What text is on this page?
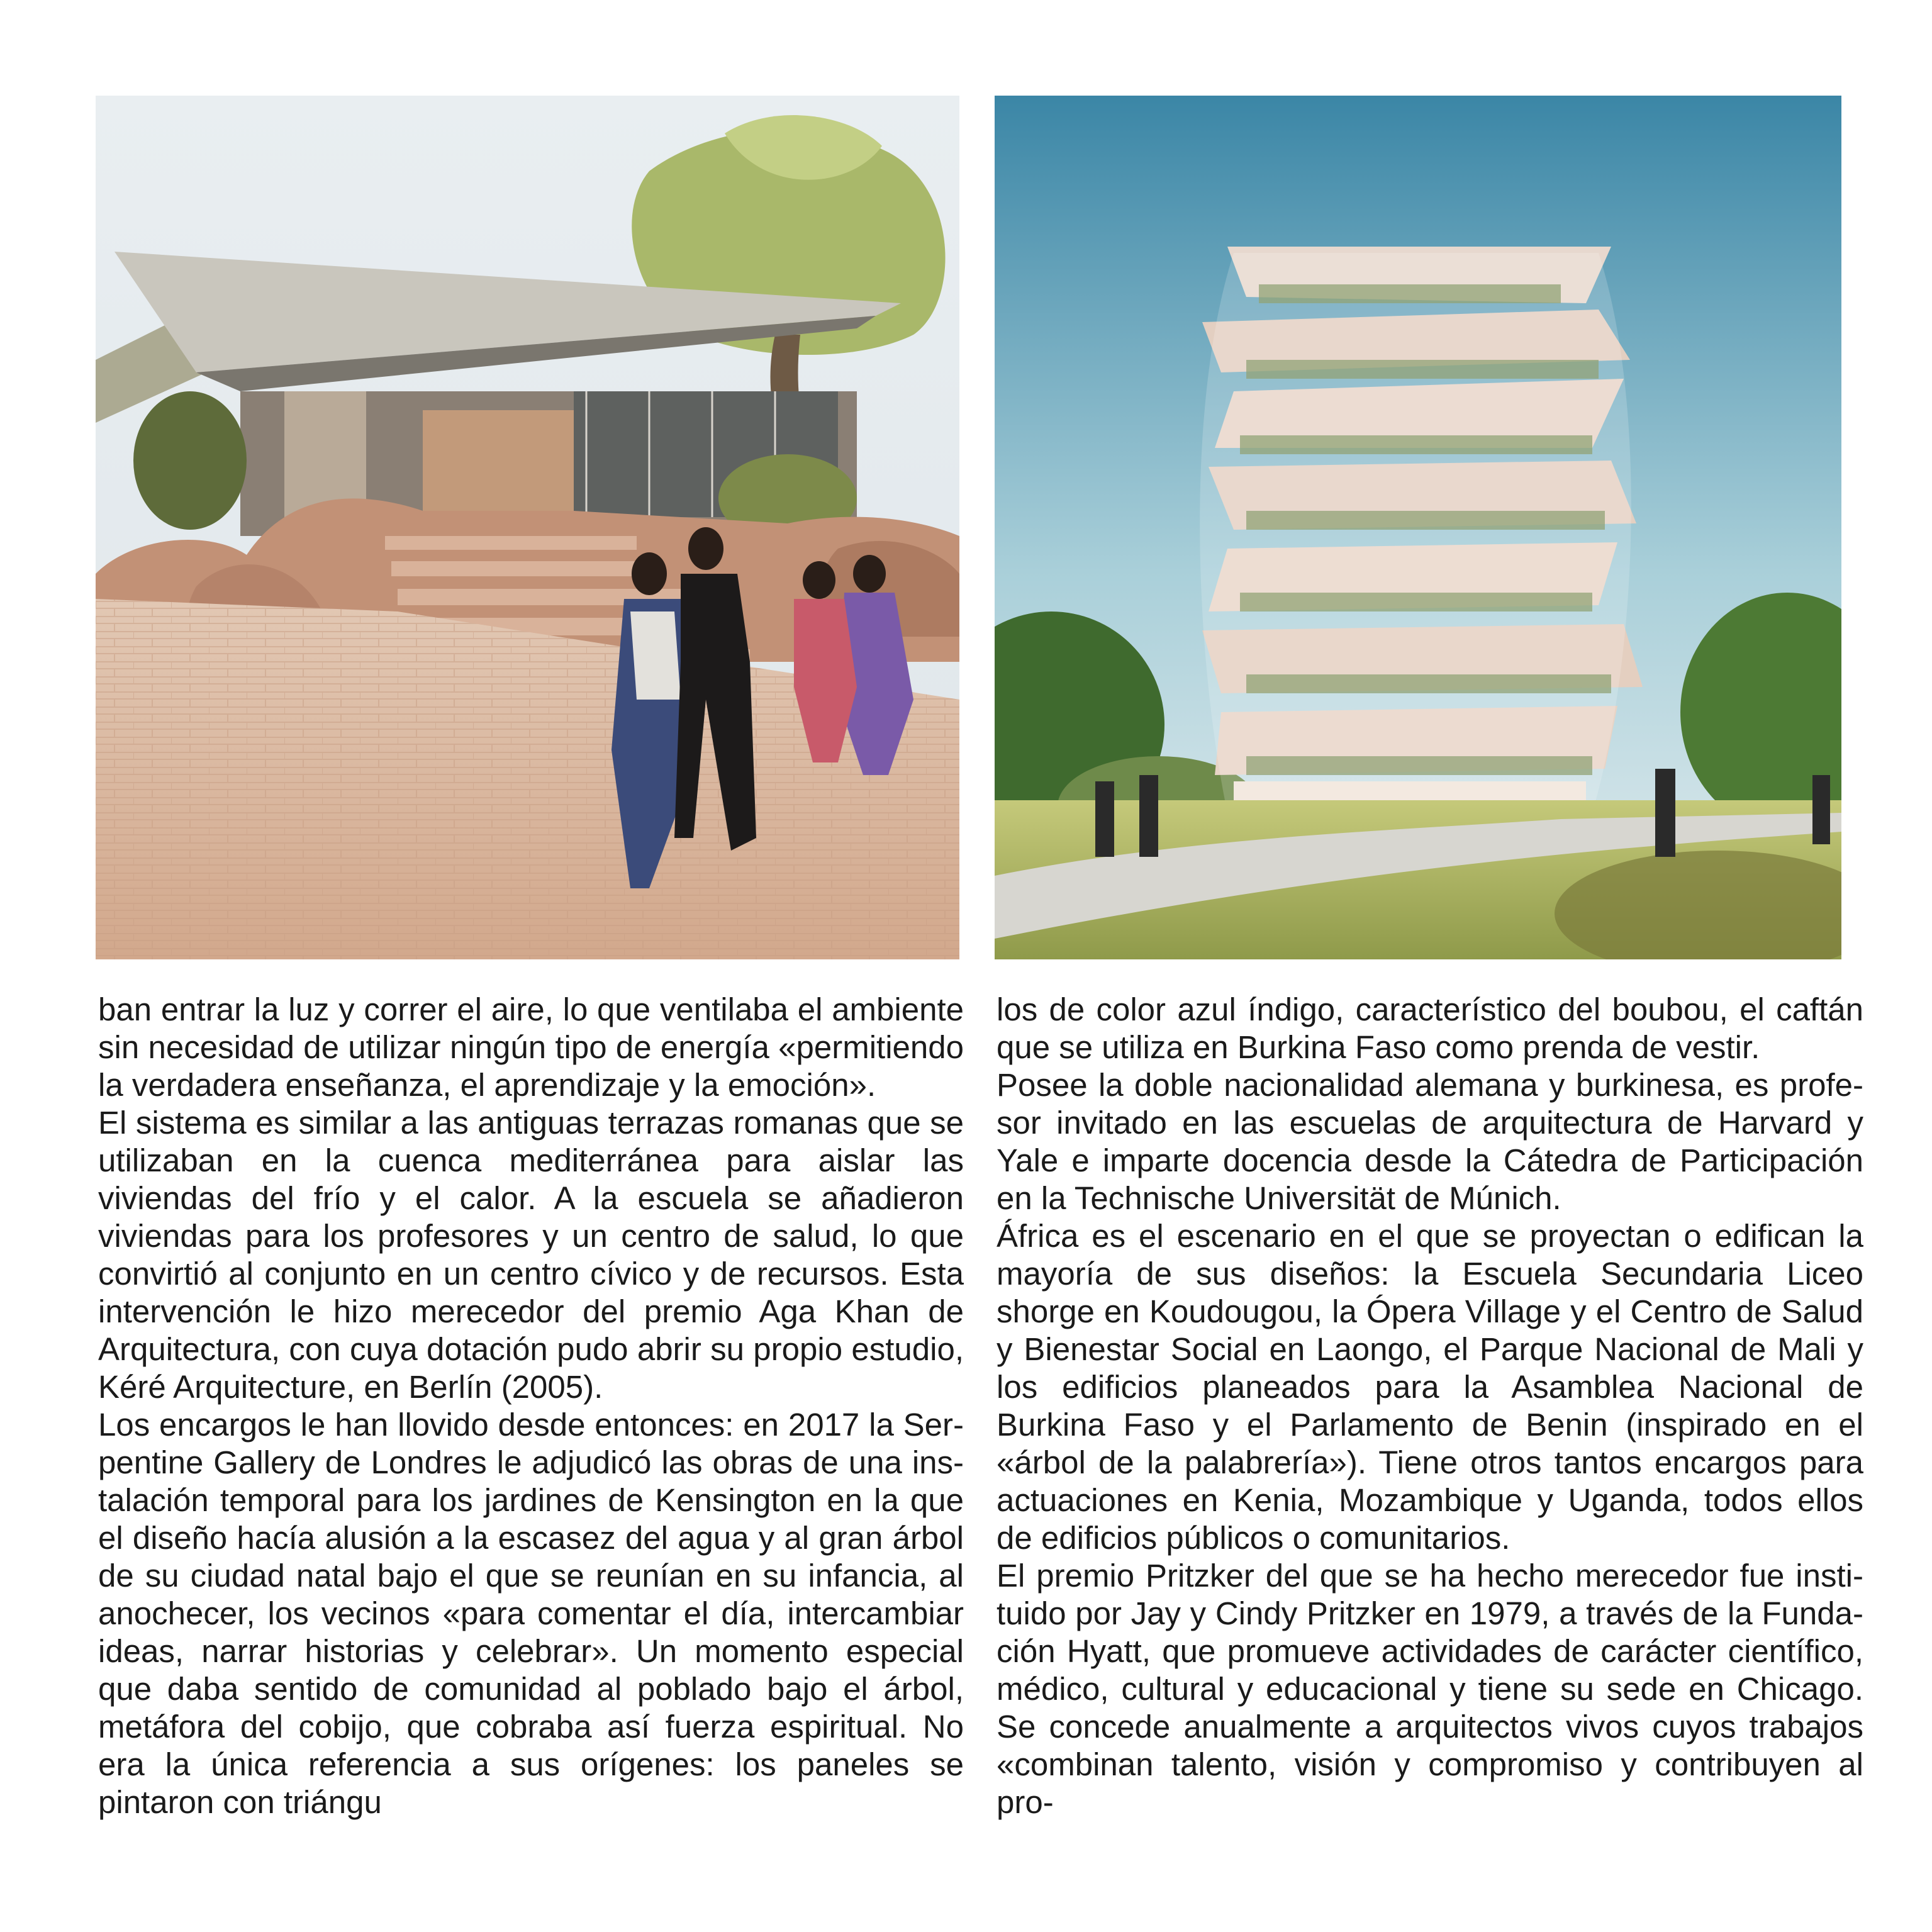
ban entrar la luz y correr el aire, lo que ventilaba el ambiente sin necesidad de utilizar ningún tipo de energía «permitiendo la verdadera enseñanza, el aprendizaje y la emoción».

El sistema es similar a las antiguas terrazas romanas que se utilizaban en la cuenca mediterránea para aislar las viviendas del frío y el calor. A la escuela se añadieron viviendas para los profesores y un centro de salud, lo que convirtió al conjunto en un centro cívico y de recursos. Esta intervención le hizo merecedor del premio Aga Khan de Arquitectura, con cuya dotación pudo abrir su propio estudio, Kéré Arquitecture, en Berlín (2005).

Los encargos le han llovido desde entonces: en 2017 la Serpentine Gallery de Londres le adjudicó las obras de una instalación temporal para los jardines de Kensington en la que el diseño hacía alusión a la escasez del agua y al gran árbol de su ciudad natal bajo el que se reunían en su infancia, al anochecer, los vecinos «para comentar el día, intercambiar ideas, narrar historias y celebrar». Un momento especial que daba sentido de comunidad al poblado bajo el árbol, metáfora del cobijo, que cobraba así fuerza espiritual. No era la única referencia a sus orígenes: los paneles se pintaron con triángu

los de color azul índigo, característico del boubou, el caftán que se utiliza en Burkina Faso como prenda de vestir.

Posee la doble nacionalidad alemana y burkinesa, es profesor invitado en las escuelas de arquitectura de Harvard y Yale e imparte docencia desde la Cátedra de Participación en la Technische Universität de Múnich.

África es el escenario en el que se proyectan o edifican la mayoría de sus diseños: la Escuela Secundaria Liceo shorge en Koudougou, la Ópera Village y el Centro de Salud y Bienestar Social en Laongo, el Parque Nacional de Mali y los edificios planeados para la Asamblea Nacional de Burkina Faso y el Parlamento de Benin (inspirado en el «árbol de la palabrería»). Tiene otros tantos encargos para actuaciones en Kenia, Mozambique y Uganda, todos ellos de edificios públicos o comunitarios.

El premio Pritzker del que se ha hecho merecedor fue instituido por Jay y Cindy Pritzker en 1979, a través de la Fundación Hyatt, que promueve actividades de carácter científico, médico, cultural y educacional y tiene su sede en Chicago. Se concede anualmente a arquitectos vivos cuyos trabajos «combinan talento, visión y compromiso y contribuyen al pro-
